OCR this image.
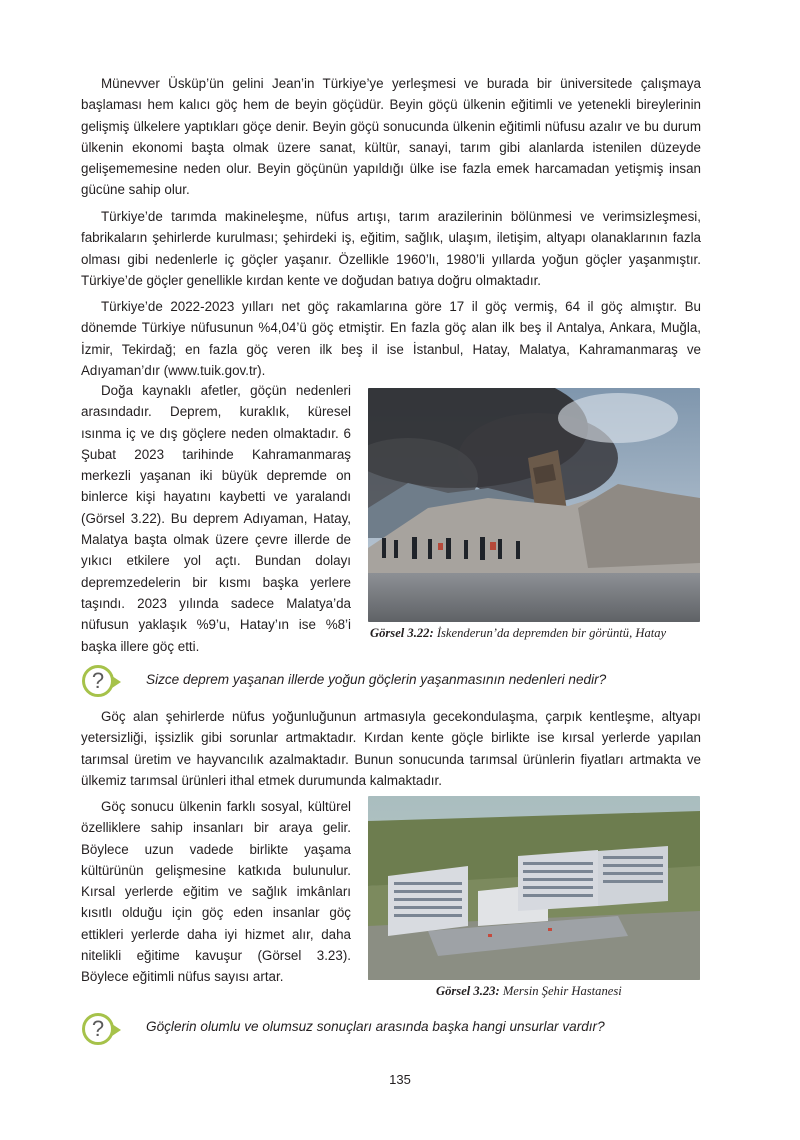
Münevver Üsküp’ün gelini Jean’in Türkiye’ye yerleşmesi ve burada bir üniversitede çalışmaya başlaması hem kalıcı göç hem de beyin göçüdür. Beyin göçü ülkenin eğitimli ve yetenekli bireylerinin gelişmiş ülkelere yaptıkları göçe denir. Beyin göçü sonucunda ülkenin eğitimli nüfusu azalır ve bu durum ülkenin ekonomi başta olmak üzere sanat, kültür, sanayi, tarım gibi alanlarda istenilen düzeyde gelişememesine neden olur. Beyin göçünün yapıldığı ülke ise fazla emek harcamadan yetişmiş insan gücüne sahip olur.

Türkiye’de tarımda makineleşme, nüfus artışı, tarım arazilerinin bölünmesi ve verimsizleşmesi, fabrikaların şehirlerde kurulması; şehirdeki iş, eğitim, sağlık, ulaşım, iletişim, altyapı olanaklarının fazla olması gibi nedenlerle iç göçler yaşanır. Özellikle 1960’lı, 1980’li yıllarda yoğun göçler yaşanmıştır. Türkiye’de göçler genellikle kırdan kente ve doğudan batıya doğru olmaktadır.

Türkiye’de 2022-2023 yılları net göç rakamlarına göre 17 il göç vermiş, 64 il göç almıştır. Bu dönemde Türkiye nüfusunun %4,04’ü göç etmiştir. En fazla göç alan ilk beş il Antalya, Ankara, Muğla, İzmir, Tekirdağ; en fazla göç veren ilk beş il ise İstanbul, Hatay, Malatya, Kahramanmaraş ve Adıyaman’dır (www.tuik.gov.tr).

Doğa kaynaklı afetler, göçün nedenleri arasındadır. Deprem, kuraklık, küresel ısınma iç ve dış göçlere neden olmaktadır. 6 Şubat 2023 tarihinde Kahramanmaraş merkezli yaşanan iki büyük depremde on binlerce kişi hayatını kaybetti ve yaralandı (Görsel 3.22). Bu deprem Adıyaman, Hatay, Malatya başta olmak üzere çevre illerde de yıkıcı etkilere yol açtı. Bundan dolayı depremzedelerin bir kısmı başka yerlere taşındı. 2023 yılında sadece Malatya’da nüfusun yaklaşık %9’u, Hatay’ın ise %8’i başka illere göç etti.

Görsel 3.22: İskenderun’da depremden bir görüntü, Hatay
?	Sizce deprem yaşanan illerde yoğun göçlerin yaşanmasının nedenleri nedir?

Göç alan şehirlerde nüfus yoğunluğunun artmasıyla gecekondulaşma, çarpık kentleşme, altyapı yetersizliği, işsizlik gibi sorunlar artmaktadır. Kırdan kente göçle birlikte ise kırsal yerlerde yapılan tarımsal üretim ve hayvancılık azalmaktadır. Bunun sonucunda tarımsal ürünlerin fiyatları artmakta ve ülkemiz tarımsal ürünleri ithal etmek durumunda kalmaktadır.

Göç sonucu ülkenin farklı sosyal, kültürel özelliklere sahip insanları bir araya gelir. Böylece uzun vadede birlikte yaşama kültürünün gelişmesine katkıda bulunulur. Kırsal yerlerde eğitim ve sağlık imkânları kısıtlı olduğu için göç eden insanlar göç ettikleri yerlerde daha iyi hizmet alır, daha nitelikli eğitime kavuşur (Görsel 3.23). Böylece eğitimli nüfus sayısı artar.

Görsel 3.23: Mersin Şehir Hastanesi
?	Göçlerin olumlu ve olumsuz sonuçları arasında başka hangi unsurlar vardır?
135
